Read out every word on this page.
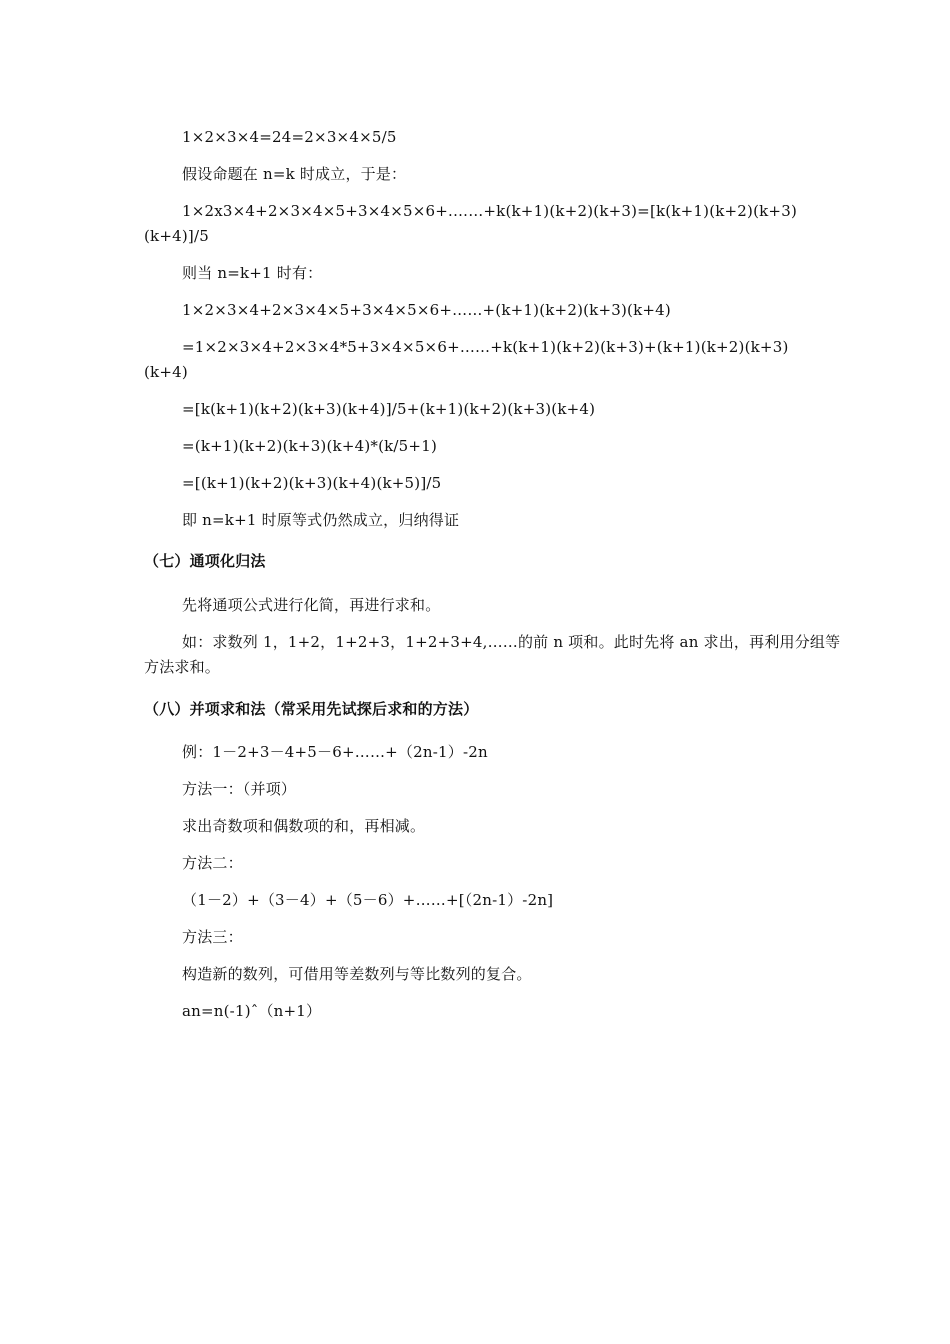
1×2×3×4=24=2×3×4×5/5
假设命题在 n=k 时成立，于是：
1×2x3×4+2×3×4×5+3×4×5×6+.……+k(k+1)(k+2)(k+3)=[k(k+1)(k+2)(k+3)
(k+4)]/5
则当 n=k+1 时有：
1×2×3×4+2×3×4×5+3×4×5×6+……+(k+1)(k+2)(k+3)(k+4)
=1×2×3×4+2×3×4*5+3×4×5×6+……+k(k+1)(k+2)(k+3)+(k+1)(k+2)(k+3)
(k+4)
=[k(k+1)(k+2)(k+3)(k+4)]/5+(k+1)(k+2)(k+3)(k+4)
=(k+1)(k+2)(k+3)(k+4)*(k/5+1)
=[(k+1)(k+2)(k+3)(k+4)(k+5)]/5
即 n=k+1 时原等式仍然成立，归纳得证
（七）通项化归法
先将通项公式进行化简，再进行求和。
如：求数列 1，1+2，1+2+3，1+2+3+4,……的前 n 项和。此时先将 an 求出，再利用分组等
方法求和。
（八）并项求和法（常采用先试探后求和的方法）
例：1－2+3－4+5－6+……+（2n-1）-2n
方法一：（并项）
求出奇数项和偶数项的和，再相减。
方法二：
（1－2）+（3－4）+（5－6）+……+[（2n-1）-2n]
方法三：
构造新的数列，可借用等差数列与等比数列的复合。
an=n(-1)ˆ（n+1）
